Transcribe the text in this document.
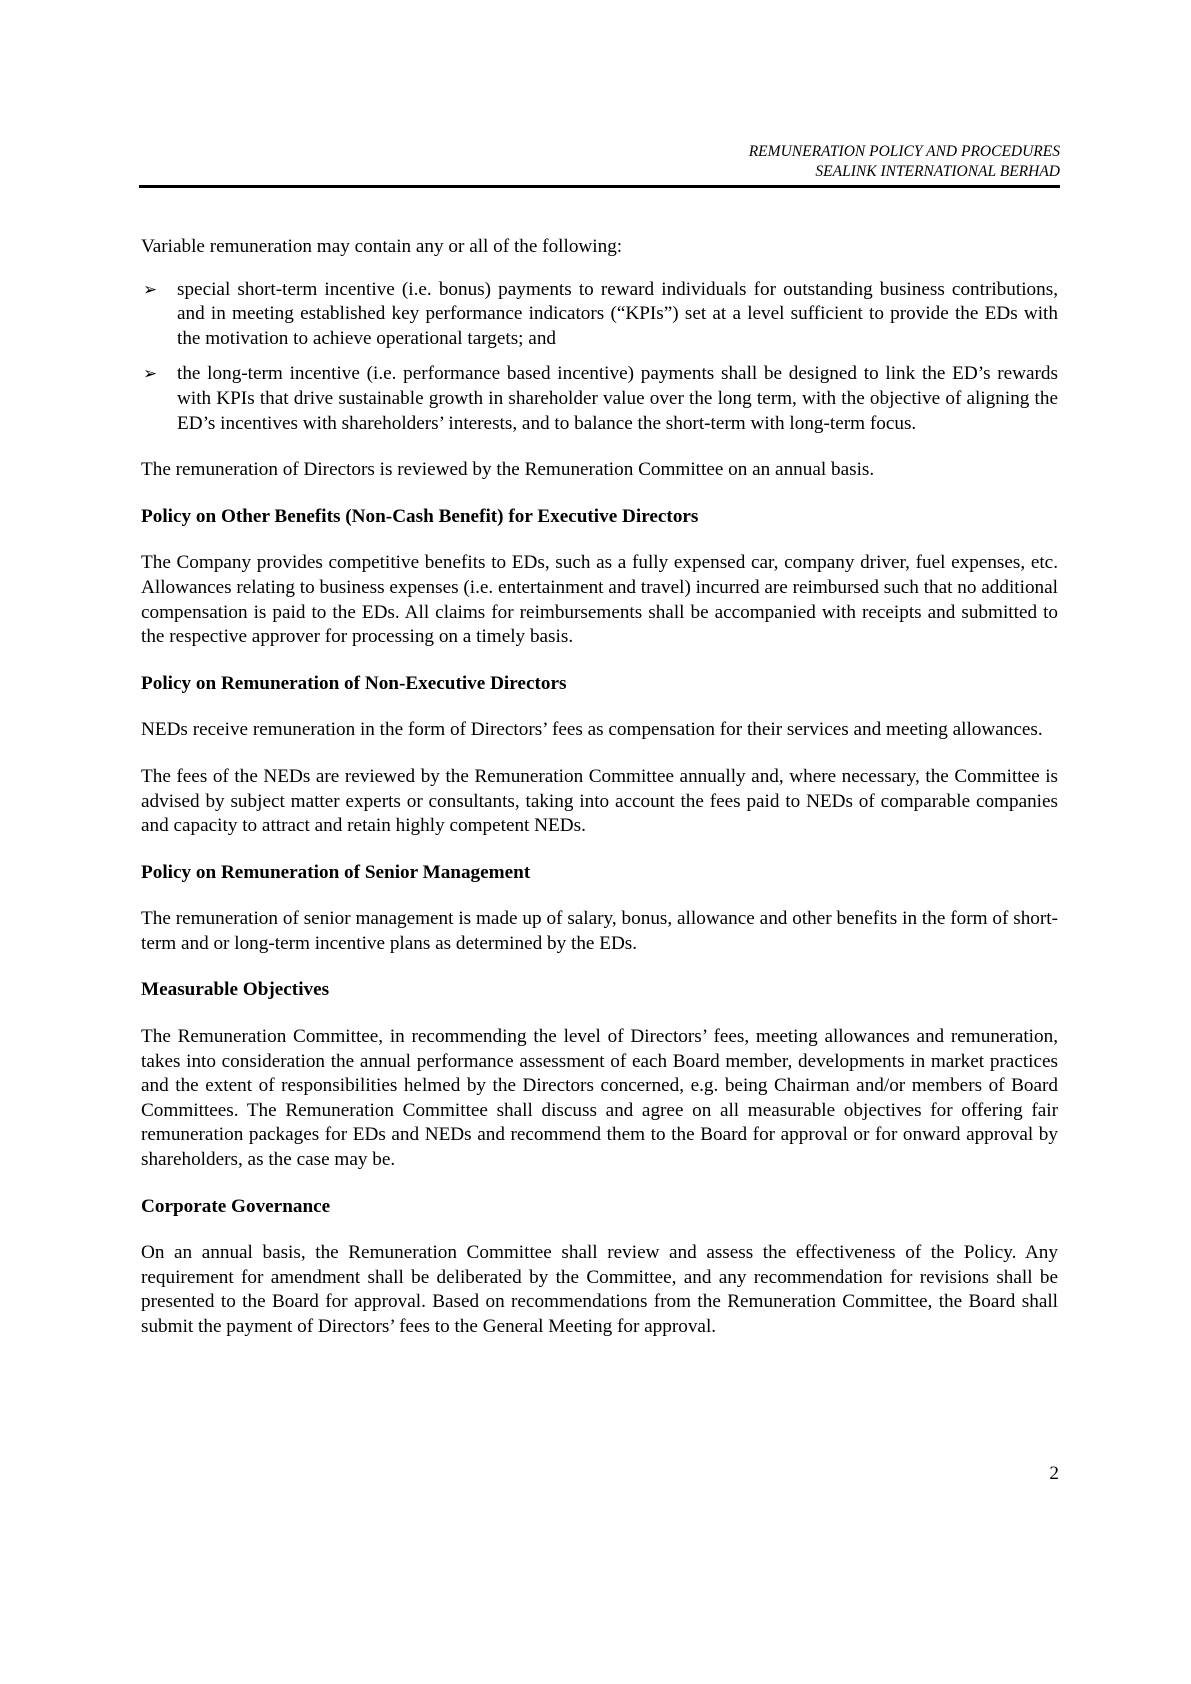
REMUNERATION POLICY AND PROCEDURES
SEALINK INTERNATIONAL BERHAD

Variable remuneration may contain any or all of the following:

➢ special short-term incentive (i.e. bonus) payments to reward individuals for outstanding business contributions, and in meeting established key performance indicators (“KPIs”) set at a level sufficient to provide the EDs with the motivation to achieve operational targets; and
➢ the long-term incentive (i.e. performance based incentive) payments shall be designed to link the ED’s rewards with KPIs that drive sustainable growth in shareholder value over the long term, with the objective of aligning the ED’s incentives with shareholders’ interests, and to balance the short-term with long-term focus.

The remuneration of Directors is reviewed by the Remuneration Committee on an annual basis.

Policy on Other Benefits (Non-Cash Benefit) for Executive Directors

The Company provides competitive benefits to EDs, such as a fully expensed car, company driver, fuel expenses, etc. Allowances relating to business expenses (i.e. entertainment and travel) incurred are reimbursed such that no additional compensation is paid to the EDs. All claims for reimbursements shall be accompanied with receipts and submitted to the respective approver for processing on a timely basis.

Policy on Remuneration of Non-Executive Directors

NEDs receive remuneration in the form of Directors’ fees as compensation for their services and meeting allowances.

The fees of the NEDs are reviewed by the Remuneration Committee annually and, where necessary, the Committee is advised by subject matter experts or consultants, taking into account the fees paid to NEDs of comparable companies and capacity to attract and retain highly competent NEDs.

Policy on Remuneration of Senior Management

The remuneration of senior management is made up of salary, bonus, allowance and other benefits in the form of short-term and or long-term incentive plans as determined by the EDs.

Measurable Objectives

The Remuneration Committee, in recommending the level of Directors’ fees, meeting allowances and remuneration, takes into consideration the annual performance assessment of each Board member, developments in market practices and the extent of responsibilities helmed by the Directors concerned, e.g. being Chairman and/or members of Board Committees. The Remuneration Committee shall discuss and agree on all measurable objectives for offering fair remuneration packages for EDs and NEDs and recommend them to the Board for approval or for onward approval by shareholders, as the case may be.

Corporate Governance

On an annual basis, the Remuneration Committee shall review and assess the effectiveness of the Policy. Any requirement for amendment shall be deliberated by the Committee, and any recommendation for revisions shall be presented to the Board for approval. Based on recommendations from the Remuneration Committee, the Board shall submit the payment of Directors’ fees to the General Meeting for approval.

2
